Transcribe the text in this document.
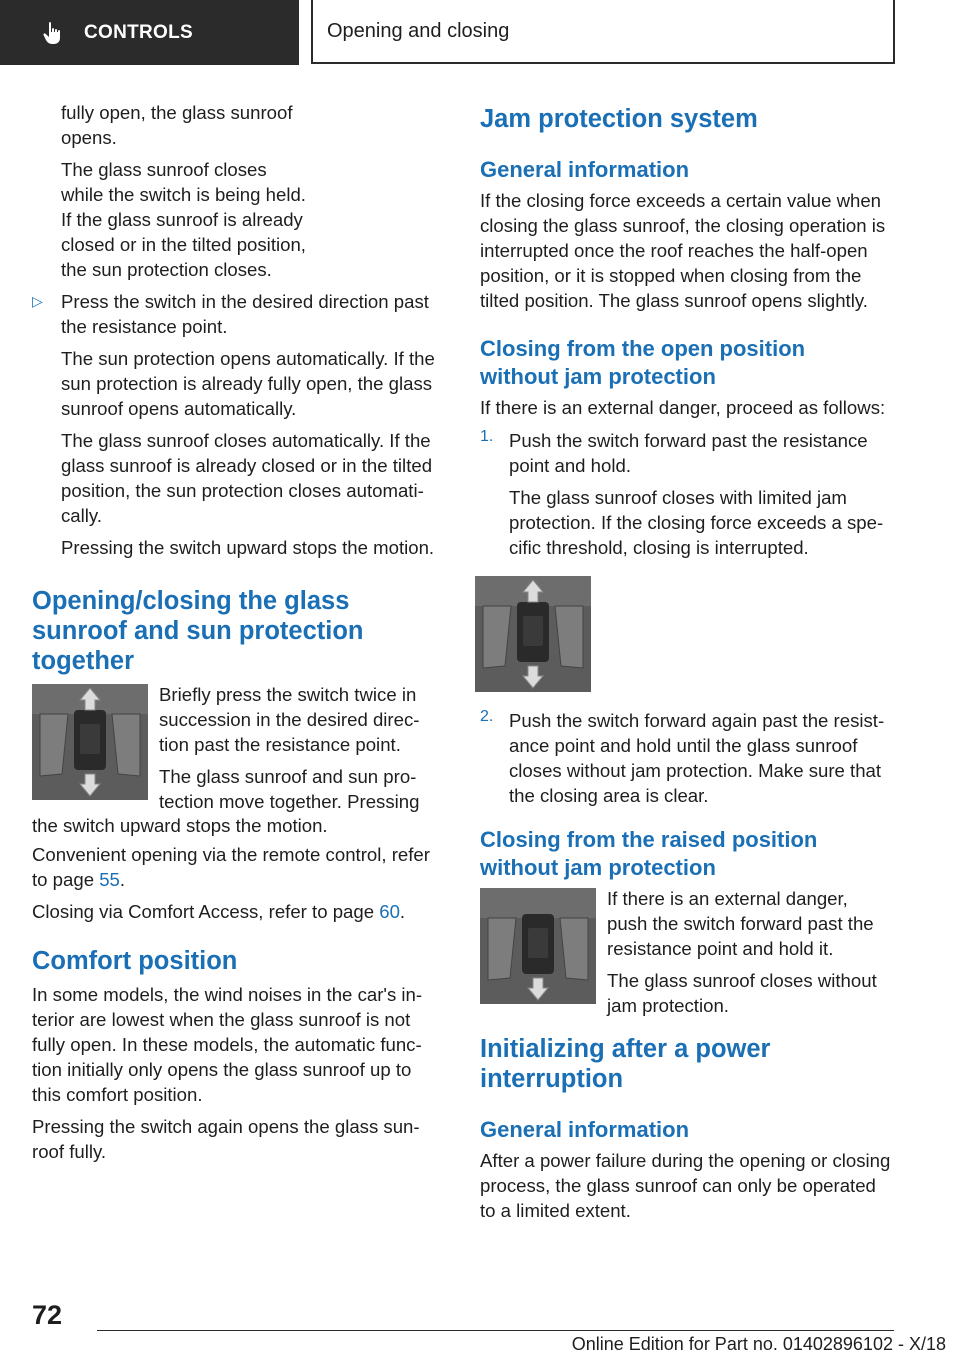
CONTROLS	Opening and closing

fully open, the glass sunroof opens.

The glass sunroof closes

while the switch is being held.

If the glass sunroof is already

closed or in the tilted position,

the sun protection closes.

▷ Press the switch in the desired direction past the resistance point.

The sun protection opens automatically. If the sun protection is already fully open, the glass sunroof opens automatically.

The glass sunroof closes automatically. If the glass sunroof is already closed or in the tilted position, the sun protection closes automatically.

Pressing the switch upward stops the motion.

Opening/closing the glass sunroof and sun protection together

Briefly press the switch twice in succession in the desired direction past the resistance point.

The glass sunroof and sun protection move together. Pressing

the switch upward stops the motion.

Convenient opening via the remote control, refer to page 55.

Closing via Comfort Access, refer to page 60.

Comfort position

In some models, the wind noises in the car's interior are lowest when the glass sunroof is not fully open. In these models, the automatic function initially only opens the glass sunroof up to this comfort position.

Pressing the switch again opens the glass sunroof fully.

Jam protection system
General information

If the closing force exceeds a certain value when closing the glass sunroof, the closing operation is interrupted once the roof reaches the half-open position, or it is stopped when closing from the tilted position. The glass sunroof opens slightly.

Closing from the open position without jam protection

If there is an external danger, proceed as follows:

1. Push the switch forward past the resistance point and hold.

The glass sunroof closes with limited jam protection. If the closing force exceeds a specific threshold, closing is interrupted.

2. Push the switch forward again past the resistance point and hold until the glass sunroof closes without jam protection. Make sure that the closing area is clear.

Closing from the raised position without jam protection

If there is an external danger, push the switch forward past the resistance point and hold it.

The glass sunroof closes without jam protection.

Initializing after a power interruption
General information

After a power failure during the opening or closing process, the glass sunroof can only be operated to a limited extent.

72
Online Edition for Part no. 01402896102 - X/18
